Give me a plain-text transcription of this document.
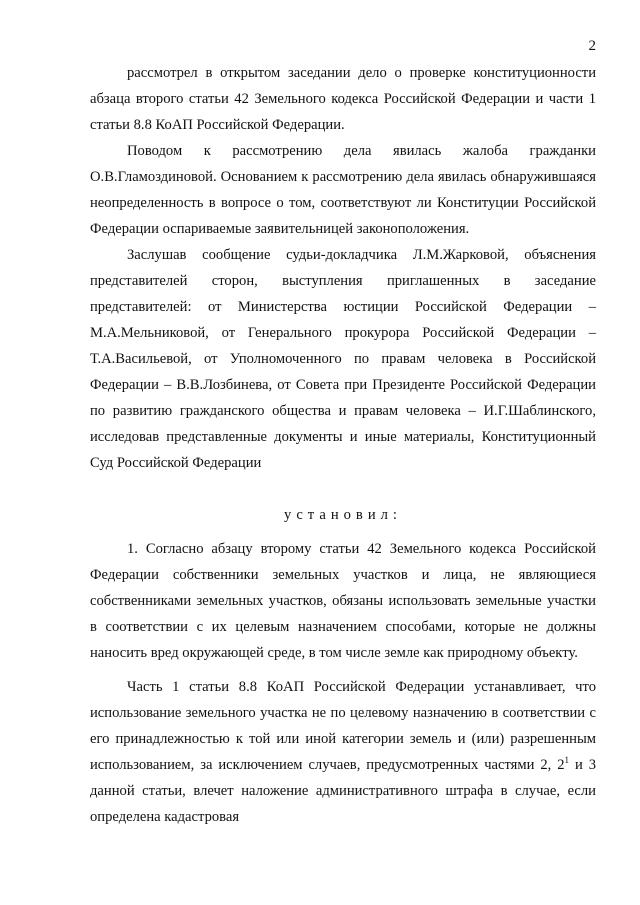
2

рассмотрел в открытом заседании дело о проверке конституционности абзаца второго статьи 42 Земельного кодекса Российской Федерации и части 1 статьи 8.8 КоАП Российской Федерации.

Поводом к рассмотрению дела явилась жалоба гражданки О.В.Гламоздиновой. Основанием к рассмотрению дела явилась обнаружившаяся неопределенность в вопросе о том, соответствуют ли Конституции Российской Федерации оспариваемые заявительницей законоположения.

Заслушав сообщение судьи-докладчика Л.М.Жарковой, объяснения представителей сторон, выступления приглашенных в заседание представителей: от Министерства юстиции Российской Федерации – М.А.Мельниковой, от Генерального прокурора Российской Федерации – Т.А.Васильевой, от Уполномоченного по правам человека в Российской Федерации – В.В.Лозбинева, от Совета при Президенте Российской Федерации по развитию гражданского общества и правам человека – И.Г.Шаблинского, исследовав представленные документы и иные материалы, Конституционный Суд Российской Федерации

установил:

1. Согласно абзацу второму статьи 42 Земельного кодекса Российской Федерации собственники земельных участков и лица, не являющиеся собственниками земельных участков, обязаны использовать земельные участки в соответствии с их целевым назначением способами, которые не должны наносить вред окружающей среде, в том числе земле как природному объекту.

Часть 1 статьи 8.8 КоАП Российской Федерации устанавливает, что использование земельного участка не по целевому назначению в соответствии с его принадлежностью к той или иной категории земель и (или) разрешенным использованием, за исключением случаев, предусмотренных частями 2, $2^1$ и 3 данной статьи, влечет наложение административного штрафа в случае, если определена кадастровая
